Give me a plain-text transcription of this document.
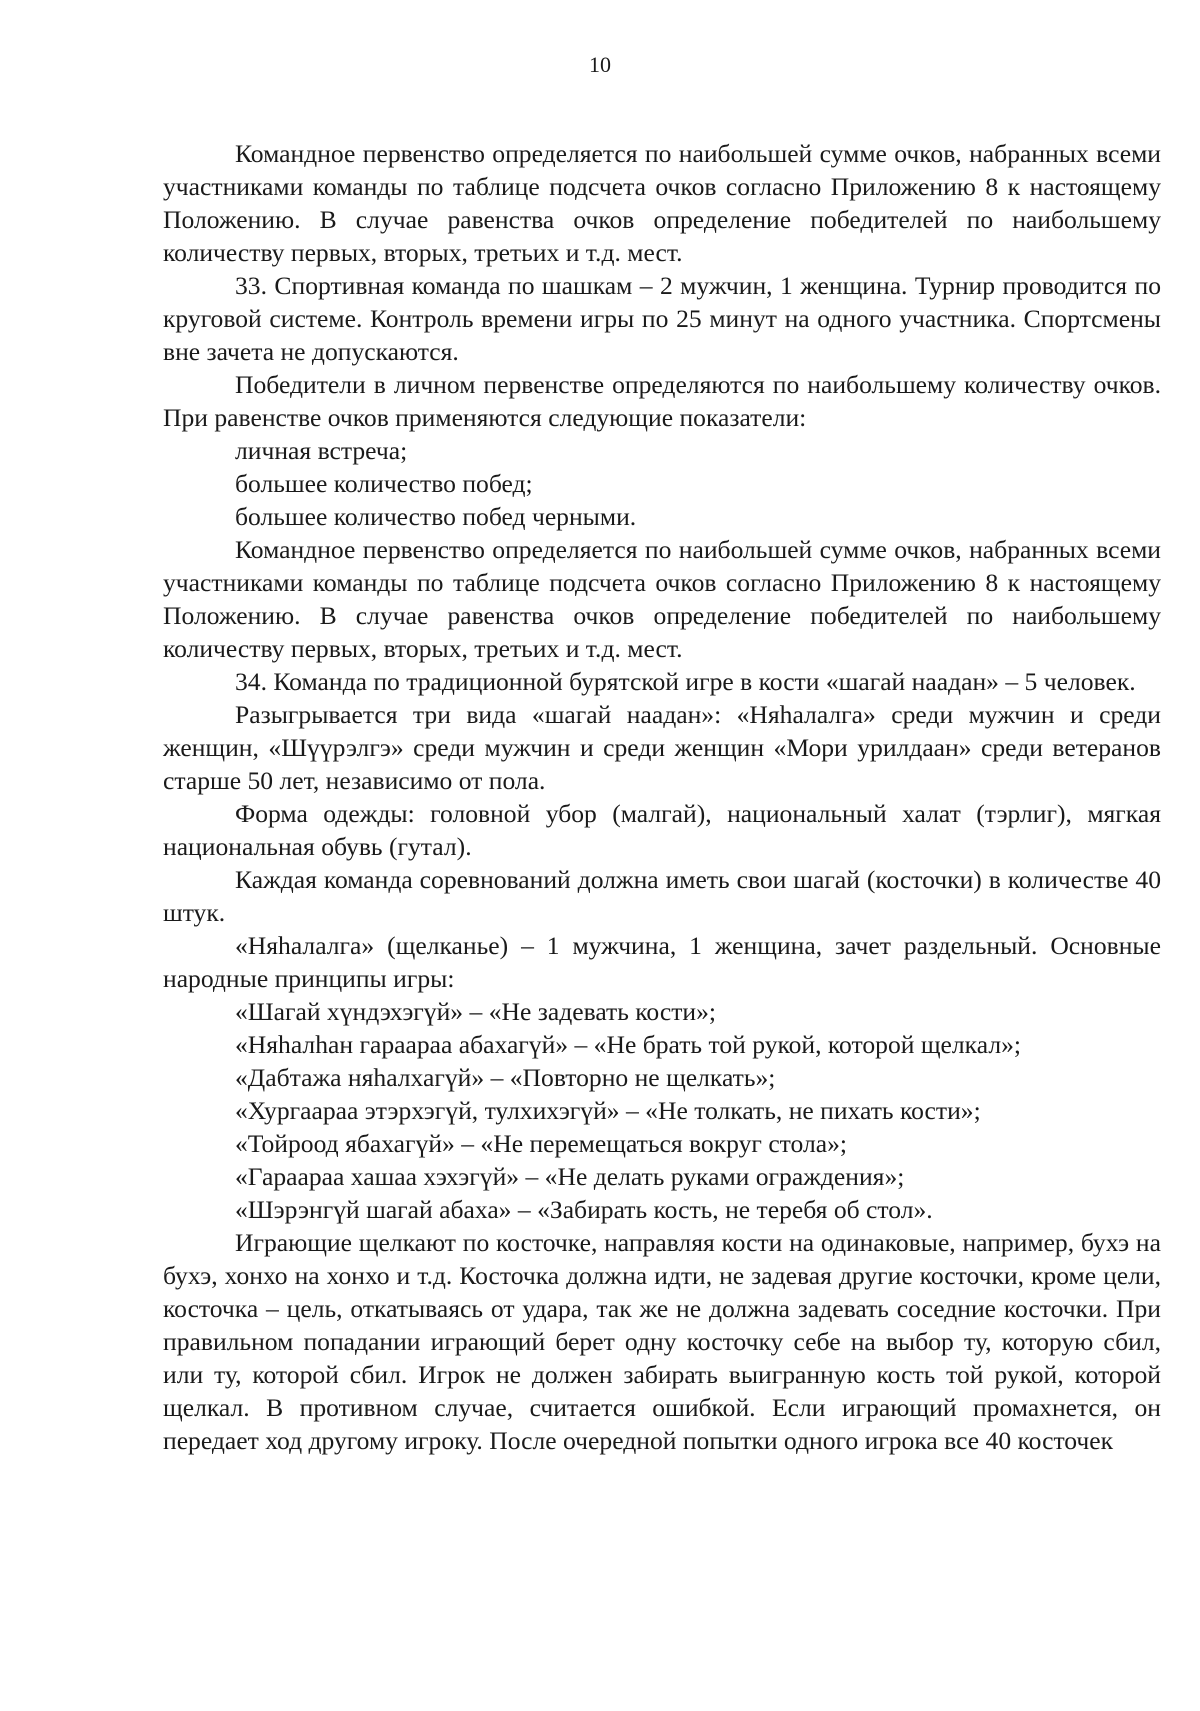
10

Командное первенство определяется по наибольшей сумме очков, набранных всеми участниками команды по таблице подсчета очков согласно Приложению 8 к настоящему Положению. В случае равенства очков определение победителей по наибольшему количеству первых, вторых, третьих и т.д. мест.

33. Спортивная команда по шашкам – 2 мужчин, 1 женщина. Турнир проводится по круговой системе. Контроль времени игры по 25 минут на одного участника. Спортсмены вне зачета не допускаются.

Победители в личном первенстве определяются по наибольшему количеству очков. При равенстве очков применяются следующие показатели:

личная встреча;

большее количество побед;

большее количество побед черными.

Командное первенство определяется по наибольшей сумме очков, набранных всеми участниками команды по таблице подсчета очков согласно Приложению 8 к настоящему Положению. В случае равенства очков определение победителей по наибольшему количеству первых, вторых, третьих и т.д. мест.

34. Команда по традиционной бурятской игре в кости «шагай наадан» – 5 человек.

Разыгрывается три вида «шагай наадан»: «Няhалалга» среди мужчин и среди женщин, «Шүүрэлгэ» среди мужчин и среди женщин «Мори урилдаан» среди ветеранов старше 50 лет, независимо от пола.

Форма одежды: головной убор (малгай), национальный халат (тэрлиг), мягкая национальная обувь (гутал).

Каждая команда соревнований должна иметь свои шагай (косточки) в количестве 40 штук.

«Няhалалга» (щелканье) – 1 мужчина, 1 женщина, зачет раздельный. Основные народные принципы игры:

«Шагай хүндэхэгүй» – «Не задевать кости»;

«Няhалhан гараараа абахагүй» – «Не брать той рукой, которой щелкал»;

«Дабтажа няhалхагүй» – «Повторно не щелкать»;

«Хургаараа этэрхэгүй, тулхихэгүй» – «Не толкать, не пихать кости»;

«Тойроод ябахагүй» – «Не перемещаться вокруг стола»;

«Гараараа хашаа хэхэгүй» – «Не делать руками ограждения»;

«Шэрэнгүй шагай абаха» – «Забирать кость, не теребя об стол».

Играющие щелкают по косточке, направляя кости на одинаковые, например, бухэ на бухэ, хонхо на хонхо и т.д. Косточка должна идти, не задевая другие косточки, кроме цели, косточка – цель, откатываясь от удара, так же не должна задевать соседние косточки. При правильном попадании играющий берет одну косточку себе на выбор ту, которую сбил, или ту, которой сбил. Игрок не должен забирать выигранную кость той рукой, которой щелкал. В противном случае, считается ошибкой. Если играющий промахнется, он передает ход другому игроку. После очередной попытки одного игрока все 40 косточек
